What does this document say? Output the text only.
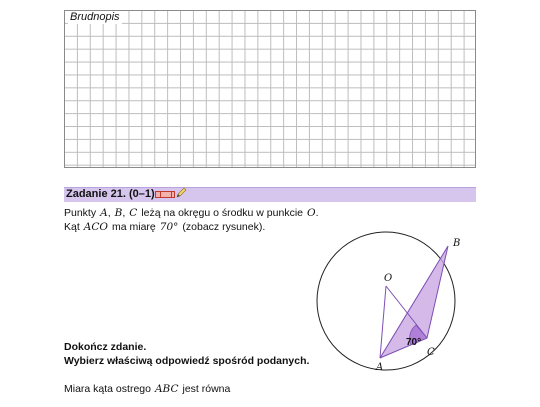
Brudnopis
Zadanie 21. (0–1)
Punkty A, B, C leżą na okręgu o środku w punkcie O.
Kąt ACO ma miarę 70° (zobacz rysunek).
Dokończ zdanie.
Wybierz właściwą odpowiedź spośród podanych.
Miara kąta ostrego ABC jest równa
70°
O
A
B
C
